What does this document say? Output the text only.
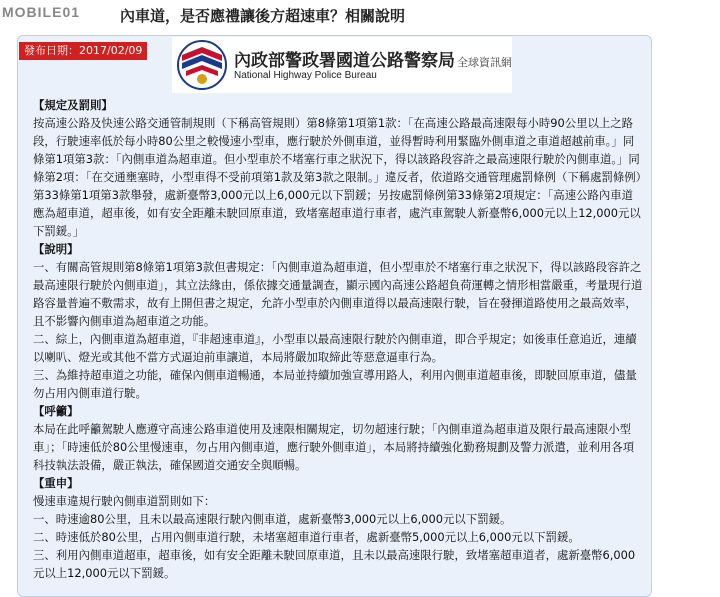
MOBILE01	內車道，是否應禮讓後方超速車？相關說明
發布日期：2017/02/09
內政部警政署國道公路警察局 全球資訊網
National Highway Police Bureau

【規定及罰則】

按高速公路及快速公路交通管制規則（下稱高管規則）第8條第1項第1款：「在高速公路最高速限每小時90公里以上之路段，行駛速率低於每小時80公里之較慢速小型車，應行駛於外側車道，並得暫時利用緊臨外側車道之車道超越前車。」同條第1項第3款：「內側車道為超車道。但小型車於不堵塞行車之狀況下，得以該路段容許之最高速限行駛於內側車道。」同條第2項：「在交通壅塞時，小型車得不受前項第1款及第3款之限制。」違反者，依道路交通管理處罰條例（下稱處罰條例）第33條第1項第3款舉發，處新臺幣3,000元以上6,000元以下罰鍰；另按處罰條例第33條第2項規定：「高速公路內車道應為超車道，超車後，如有安全距離未駛回原車道，致堵塞超車道行車者，處汽車駕駛人新臺幣6,000元以上12,000元以下罰鍰。」

【說明】

一、有關高管規則第8條第1項第3款但書規定：「內側車道為超車道，但小型車於不堵塞行車之狀況下，得以該路段容許之最高速限行駛於內側車道」，其立法緣由，係依據交通量調查，顯示國內高速公路超負荷運轉之情形相當嚴重，考量現行道路容量普遍不敷需求，故有上開但書之規定，允許小型車於內側車道得以最高速限行駛，旨在發揮道路使用之最高效率，且不影響內側車道為超車道之功能。

二、綜上，內側車道為超車道，『非超速車道』，小型車以最高速限行駛於內側車道，即合乎規定；如後車任意追近，連續以喇叭、燈光或其他不當方式逼迫前車讓道，本局將嚴加取締此等惡意逼車行為。

三、為維持超車道之功能，確保內側車道暢通，本局並持續加強宣導用路人，利用內側車道超車後，即駛回原車道，儘量勿占用內側車道行駛。

【呼籲】

本局在此呼籲駕駛人應遵守高速公路車道使用及速限相關規定，切勿超速行駛；「內側車道為超車道及限行最高速限小型車」；「時速低於80公里慢速車，勿占用內側車道，應行駛外側車道」，本局將持續強化勤務規劃及警力派遣，並利用各項科技執法設備，嚴正執法，確保國道交通安全與順暢。

【重申】

慢速車違規行駛內側車道罰則如下：

一、時速逾80公里，且未以最高速限行駛內側車道，處新臺幣3,000元以上6,000元以下罰鍰。

二、時速低於80公里，占用內側車道行駛，未堵塞超車道行車者，處新臺幣5,000元以上6,000元以下罰鍰。

三、利用內側車道超車，超車後，如有安全距離未駛回原車道，且未以最高速限行駛，致堵塞超車道者，處新臺幣6,000元以上12,000元以下罰鍰。
